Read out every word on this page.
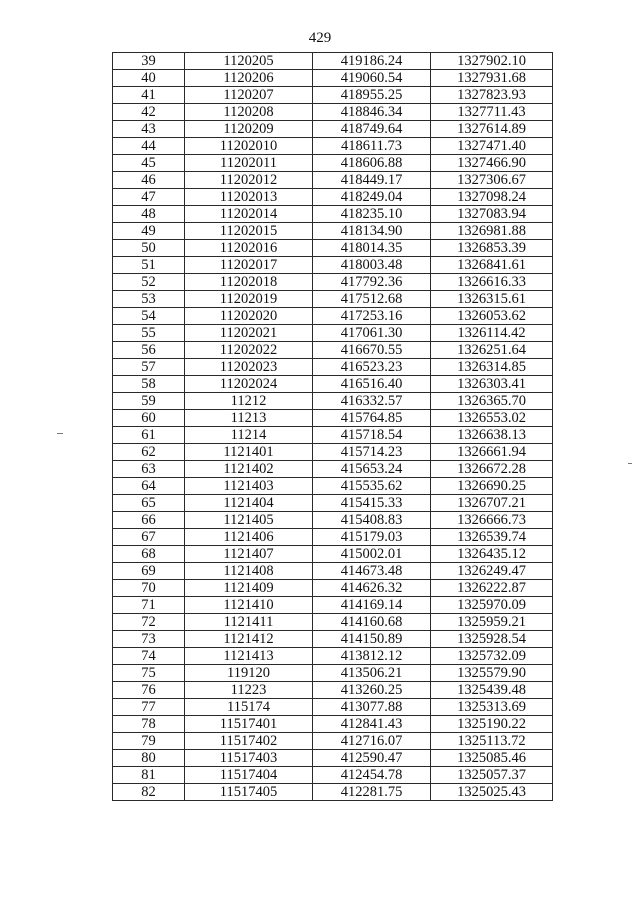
429
39	1120205	419186.24	1327902.10
40	1120206	419060.54	1327931.68
41	1120207	418955.25	1327823.93
42	1120208	418846.34	1327711.43
43	1120209	418749.64	1327614.89
44	11202010	418611.73	1327471.40
45	11202011	418606.88	1327466.90
46	11202012	418449.17	1327306.67
47	11202013	418249.04	1327098.24
48	11202014	418235.10	1327083.94
49	11202015	418134.90	1326981.88
50	11202016	418014.35	1326853.39
51	11202017	418003.48	1326841.61
52	11202018	417792.36	1326616.33
53	11202019	417512.68	1326315.61
54	11202020	417253.16	1326053.62
55	11202021	417061.30	1326114.42
56	11202022	416670.55	1326251.64
57	11202023	416523.23	1326314.85
58	11202024	416516.40	1326303.41
59	11212	416332.57	1326365.70
60	11213	415764.85	1326553.02
61	11214	415718.54	1326638.13
62	1121401	415714.23	1326661.94
63	1121402	415653.24	1326672.28
64	1121403	415535.62	1326690.25
65	1121404	415415.33	1326707.21
66	1121405	415408.83	1326666.73
67	1121406	415179.03	1326539.74
68	1121407	415002.01	1326435.12
69	1121408	414673.48	1326249.47
70	1121409	414626.32	1326222.87
71	1121410	414169.14	1325970.09
72	1121411	414160.68	1325959.21
73	1121412	414150.89	1325928.54
74	1121413	413812.12	1325732.09
75	119120	413506.21	1325579.90
76	11223	413260.25	1325439.48
77	115174	413077.88	1325313.69
78	11517401	412841.43	1325190.22
79	11517402	412716.07	1325113.72
80	11517403	412590.47	1325085.46
81	11517404	412454.78	1325057.37
82	11517405	412281.75	1325025.43
